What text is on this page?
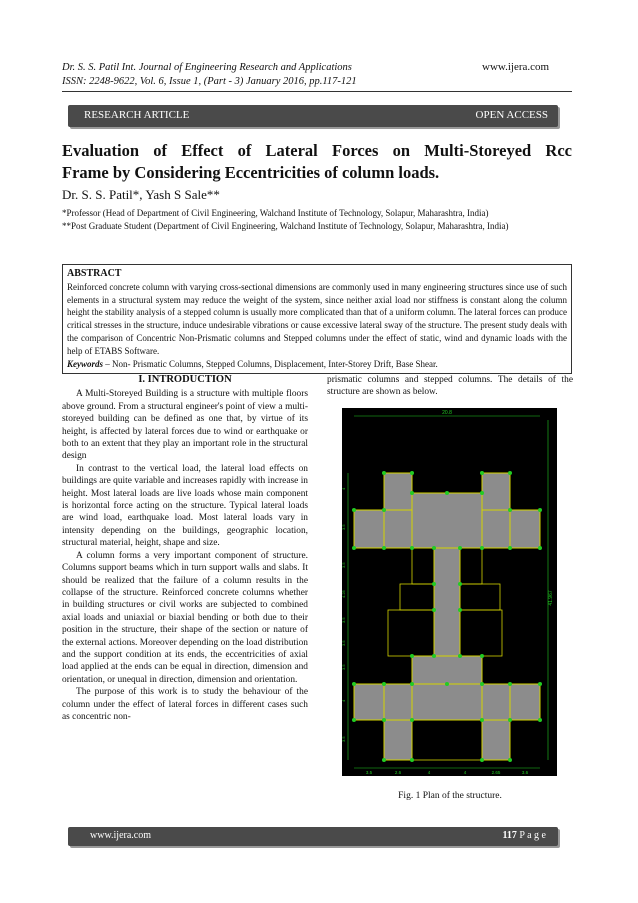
Dr. S. S. Patil Int. Journal of Engineering Research and Applications
ISSN: 2248-9622, Vol. 6, Issue 1, (Part - 3) January 2016, pp.117-121
www.ijera.com
RESEARCH ARTICLE	OPEN ACCESS
Evaluation of Effect of Lateral Forces on Multi-Storeyed Rcc
Frame by Considering Eccentricities of column loads.
Dr. S. S. Patil*, Yash S Sale**
*Professor (Head of Department of Civil Engineering, Walchand Institute of Technology, Solapur, Maharashtra, India)
**Post Graduate Student (Department of Civil Engineering, Walchand Institute of Technology, Solapur, Maharashtra, India)
ABSTRACT
Reinforced concrete column with varying cross-sectional dimensions are commonly used in many engineering structures since use of such elements in a structural system may reduce the weight of the system, since neither axial load nor stiffness is constant along the column height the stability analysis of a stepped column is usually more complicated than that of a uniform column. The lateral forces can produce critical stresses in the structure, induce undesirable vibrations or cause excessive lateral sway of the structure. The present study deals with the comparison of Concentric Non-Prismatic columns and Stepped columns under the effect of static, wind and dynamic loads with the help of ETABS Software.
Keywords – Non- Prismatic Columns, Stepped Columns, Displacement, Inter-Storey Drift, Base Shear.
I. INTRODUCTION

A Multi-Storeyed Building is a structure with multiple floors above ground. From a structural engineer's point of view a multi-storeyed building can be defined as one that, by virtue of its height, is affected by lateral forces due to wind or earthquake or both to an extent that they play an important role in the structural design

In contrast to the vertical load, the lateral load effects on buildings are quite variable and increases rapidly with increase in height. Most lateral loads are live loads whose main component is horizontal force acting on the structure. Typical lateral loads are wind load, earthquake load. Most lateral loads vary in intensity depending on the buildings, geographic location, structural material, height, shape and size.

A column forms a very important component of structure. Columns support beams which in turn support walls and slabs. It should be realized that the failure of a column results in the collapse of the structure. Reinforced concrete columns whether in building structures or civil works are subjected to combined axial loads and uniaxial or biaxial bending or both due to their position in the structure, their shape of the section or nature of the external actions. Moreover depending on the load distribution and the support condition at its ends, the eccentricities of axial load applied at the ends can be equal in direction, dimension and orientation, or unequal in direction, dimension and orientation.

The purpose of this work is to study the behaviour of the column under the effect of lateral forces in different cases such as concentric non-

prismatic columns and stepped columns. The details of the structure are shown as below.

20.8
41.967
3.5	2.6	4	4	2.65	3.6
4
3.5
3.5
4.25
3.5
3.5
3.5
4
3.5
Fig. 1 Plan of the structure.
www.ijera.com	117 P a g e
